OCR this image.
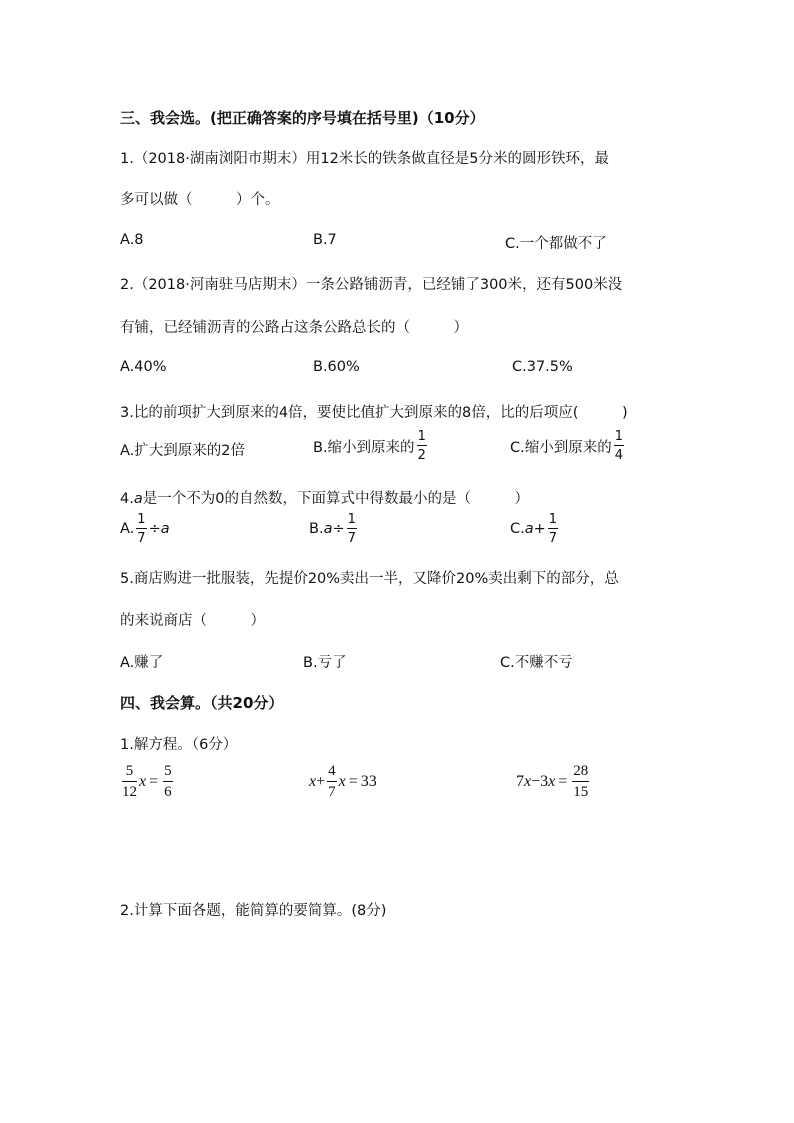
三、我会选。(把正确答案的序号填在括号里)（10分）
1.（2018·湖南浏阳市期末）用12米长的铁条做直径是5分米的圆形铁环，最
多可以做（　　　）个。
A.8	B.7	C.一个都做不了
2.（2018·河南驻马店期末）一条公路铺沥青，已经铺了300米，还有500米没
有铺，已经铺沥青的公路占这条公路总长的（　　　）
A.40%	B.60%	C.37.5%
3.比的前项扩大到原来的4倍，要使比值扩大到原来的8倍，比的后项应(　　　)
A.扩大到原来的2倍	B.缩小到原来的 $\frac{1}{2}$	C.缩小到原来的 $\frac{1}{4}$
4.a是一个不为0的自然数，下面算式中得数最小的是（　　　）
A. $\frac{1}{7} \div a$	B. $a \div \frac{1}{7}$	C. $a + \frac{1}{7}$
5.商店购进一批服装，先提价20%卖出一半，又降价20%卖出剩下的部分，总
的来说商店（　　　）
A.赚了	B.亏了	C.不赚不亏
四、我会算。（共20分）
1.解方程。（6分）
$\frac{5}{12}$ $x = \frac{5}{6}$	$x + \frac{4}{7}$ x = 33	7 x − 3 $x = \frac{28}{15}$
2.计算下面各题，能简算的要简算。(8分)
